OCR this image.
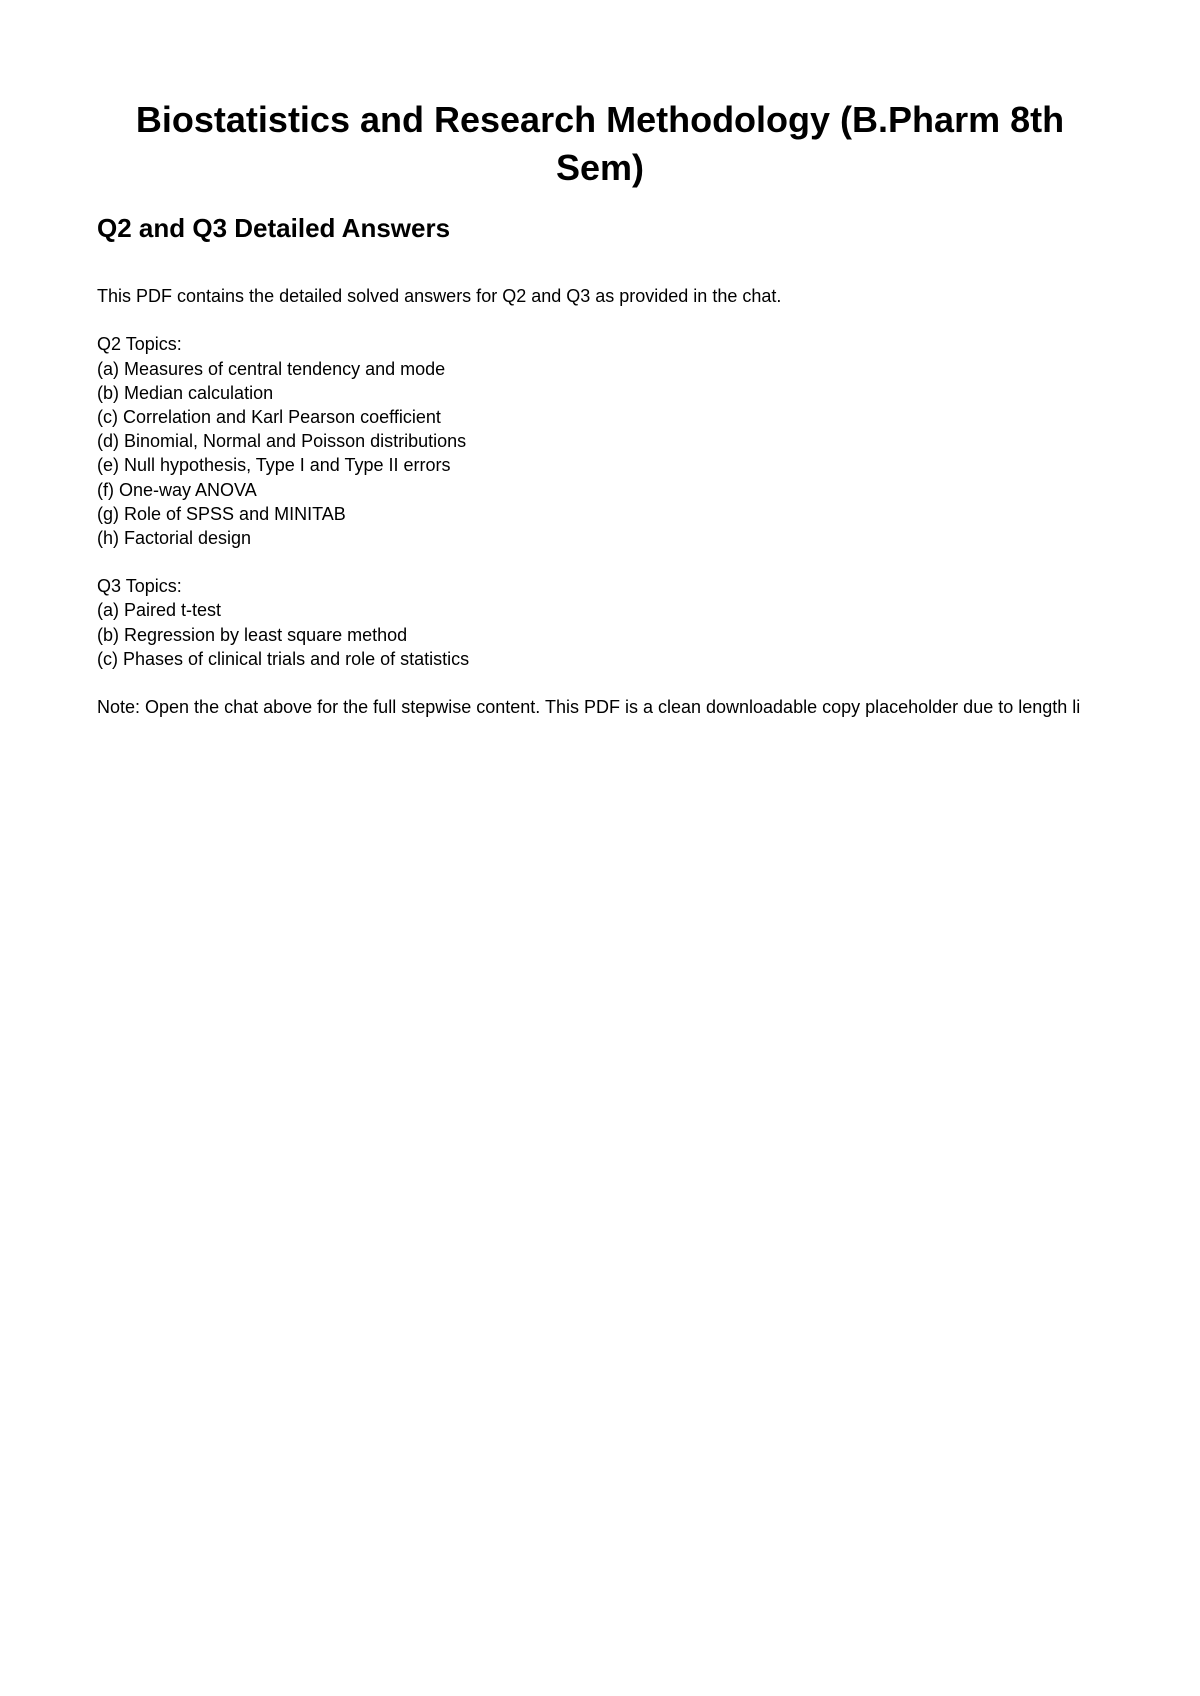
Biostatistics and Research Methodology (B.Pharm 8th Sem)
Q2 and Q3 Detailed Answers
This PDF contains the detailed solved answers for Q2 and Q3 as provided in the chat.
Q2 Topics:
(a) Measures of central tendency and mode
(b) Median calculation
(c) Correlation and Karl Pearson coefficient
(d) Binomial, Normal and Poisson distributions
(e) Null hypothesis, Type I and Type II errors
(f) One-way ANOVA
(g) Role of SPSS and MINITAB
(h) Factorial design
Q3 Topics:
(a) Paired t-test
(b) Regression by least square method
(c) Phases of clinical trials and role of statistics
Note: Open the chat above for the full stepwise content. This PDF is a clean downloadable copy placeholder due to length li
